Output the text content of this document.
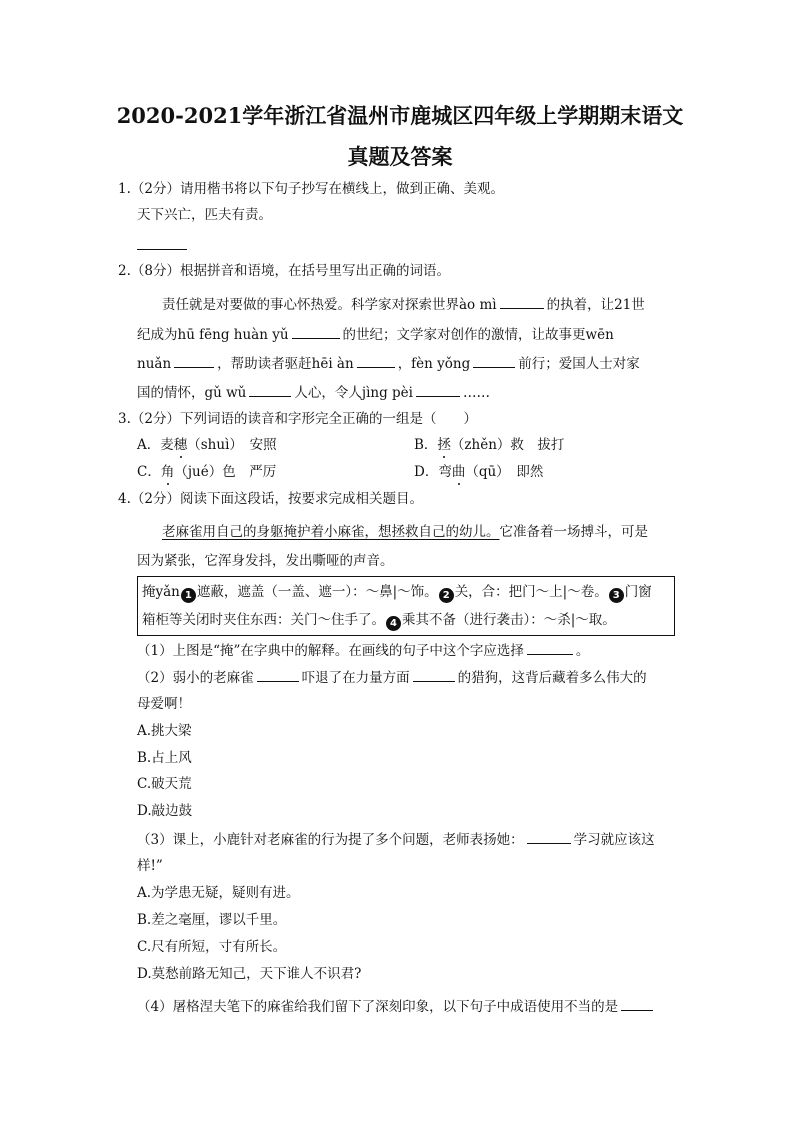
2020-2021学年浙江省温州市鹿城区四年级上学期期末语文
真题及答案
1.（2分）请用楷书将以下句子抄写在横线上，做到正确、美观。
天下兴亡，匹夫有责。
2.（8分）根据拼音和语境，在括号里写出正确的词语。
责任就是对要做的事心怀热爱。科学家对探索世界ào mì	的执着，让21世
纪成为hū fēng huàn yǔ	的世纪；文学家对创作的激情，让故事更wēn
nuǎn	，帮助读者驱赶hēi àn	，fèn yǒng	前行；爱国人士对家
国的情怀，gǔ wǔ	人心，令人jìng pèi	……
3.（2分）下列词语的读音和字形完全正确的一组是（　　）
A．麦穗（shuì）　安照	B．拯（zhěn）救　拔打
C．角（jué）色　严厉	D．弯曲（qū）　即然
4.（2分）阅读下面这段话，按要求完成相关题目。
老麻雀用自己的身躯掩护着小麻雀，想拯救自己的幼儿。它准备着一场搏斗，可是
因为紧张，它浑身发抖，发出嘶哑的声音。
掩yǎn 1 遮蔽，遮盖（一盖、遮一）：～鼻|～饰。 2 关，合：把门～上|～卷。 3 门窗
箱柜等关闭时夹住东西：关门～住手了。 4 乘其不备（进行袭击）：～杀|～取。
（1）上图是“掩”在字典中的解释。在画线的句子中这个字应选择	。
（2）弱小的老麻雀	吓退了在力量方面	的猎狗，这背后藏着多么伟大的
母爱啊！
A.挑大梁
B.占上风
C.破天荒
D.敲边鼓
（3）课上，小鹿针对老麻雀的行为提了多个问题，老师表扬她：	学习就应该这
样!”
A.为学患无疑，疑则有进。
B.差之毫厘，谬以千里。
C.尺有所短，寸有所长。
D.莫愁前路无知己，天下谁人不识君?
（4）屠格涅夫笔下的麻雀给我们留下了深刻印象，以下句子中成语使用不当的是
